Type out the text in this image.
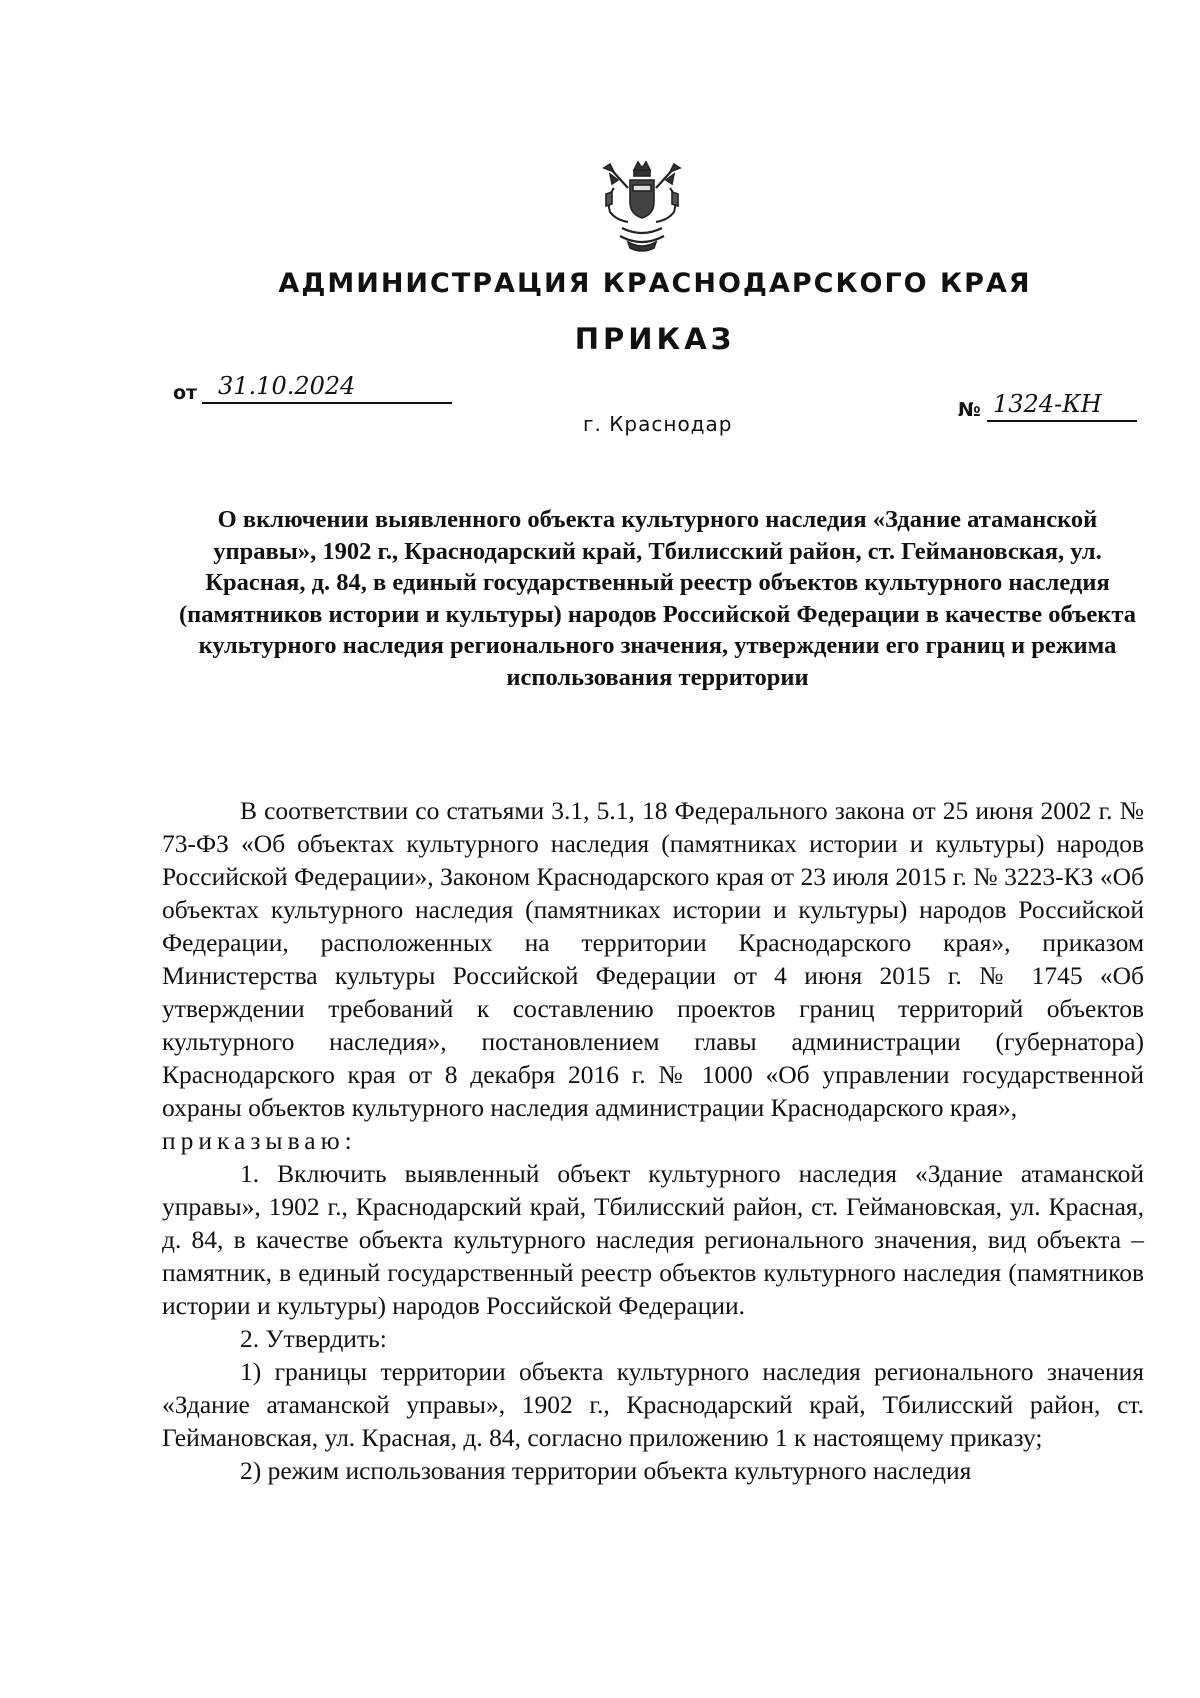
АДМИНИСТРАЦИЯ КРАСНОДАРСКОГО КРАЯ
ПРИКАЗ
от 31.10.2024
г. Краснодар
№ 1324-КН
О включении выявленного объекта культурного наследия «Здание атаманской управы», 1902 г., Краснодарский край, Тбилисский район, ст. Геймановская, ул. Красная, д. 84, в единый государственный реестр объектов культурного наследия (памятников истории и культуры) народов Российской Федерации в качестве объекта культурного наследия регионального значения, утверждении его границ и режима использования территории

В соответствии со статьями 3.1, 5.1, 18 Федерального закона от 25 июня 2002 г. № 73-ФЗ «Об объектах культурного наследия (памятниках истории и культуры) народов Российской Федерации», Законом Краснодарского края от 23 июля 2015 г. № 3223-КЗ «Об объектах культурного наследия (памятниках истории и культуры) народов Российской Федерации, расположенных на территории Краснодарского края», приказом Министерства культуры Российской Федерации от 4 июня 2015 г. № 1745 «Об утверждении требований к составлению проектов границ территорий объектов культурного наследия», постановлением главы администрации (губернатора) Краснодарского края от 8 декабря 2016 г. № 1000 «Об управлении государственной охраны объектов культурного наследия администрации Краснодарского края»,

приказываю:

1. Включить выявленный объект культурного наследия «Здание атаманской управы», 1902 г., Краснодарский край, Тбилисский район, ст. Геймановская, ул. Красная, д. 84, в качестве объекта культурного наследия регионального значения, вид объекта – памятник, в единый государственный реестр объектов культурного наследия (памятников истории и культуры) народов Российской Федерации.

2. Утвердить:

1) границы территории объекта культурного наследия регионального значения «Здание атаманской управы», 1902 г., Краснодарский край, Тбилисский район, ст. Геймановская, ул. Красная, д. 84, согласно приложению 1 к настоящему приказу;

2) режим использования территории объекта культурного наследия
